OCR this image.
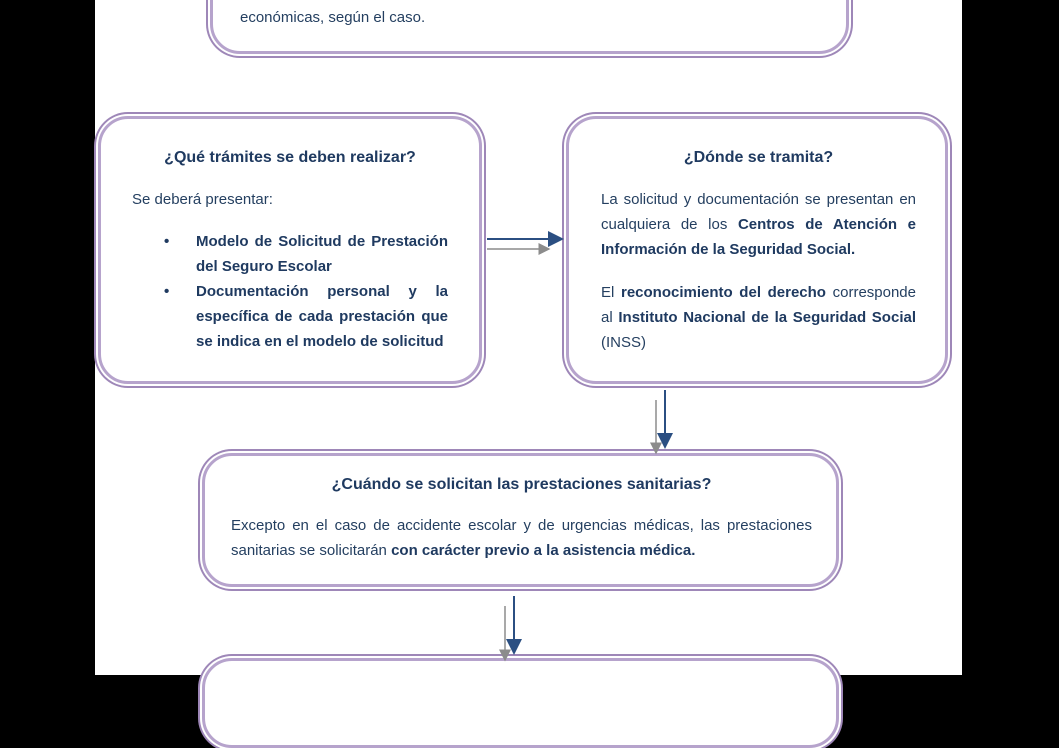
económicas, según el caso.

¿Qué trámites se deben realizar?

Se deberá presentar:

• Modelo de Solicitud de Prestación del Seguro Escolar
• Documentación personal y la específica de cada prestación que se indica en el modelo de solicitud
¿Dónde se tramita?

La solicitud y documentación se presentan en cualquiera de los Centros de Atención e Información de la Seguridad Social.

El reconocimiento del derecho corresponde al Instituto Nacional de la Seguridad Social (INSS)

¿Cuándo se solicitan las prestaciones sanitarias?

Excepto en el caso de accidente escolar y de urgencias médicas, las prestaciones sanitarias se solicitarán con carácter previo a la asistencia médica.
